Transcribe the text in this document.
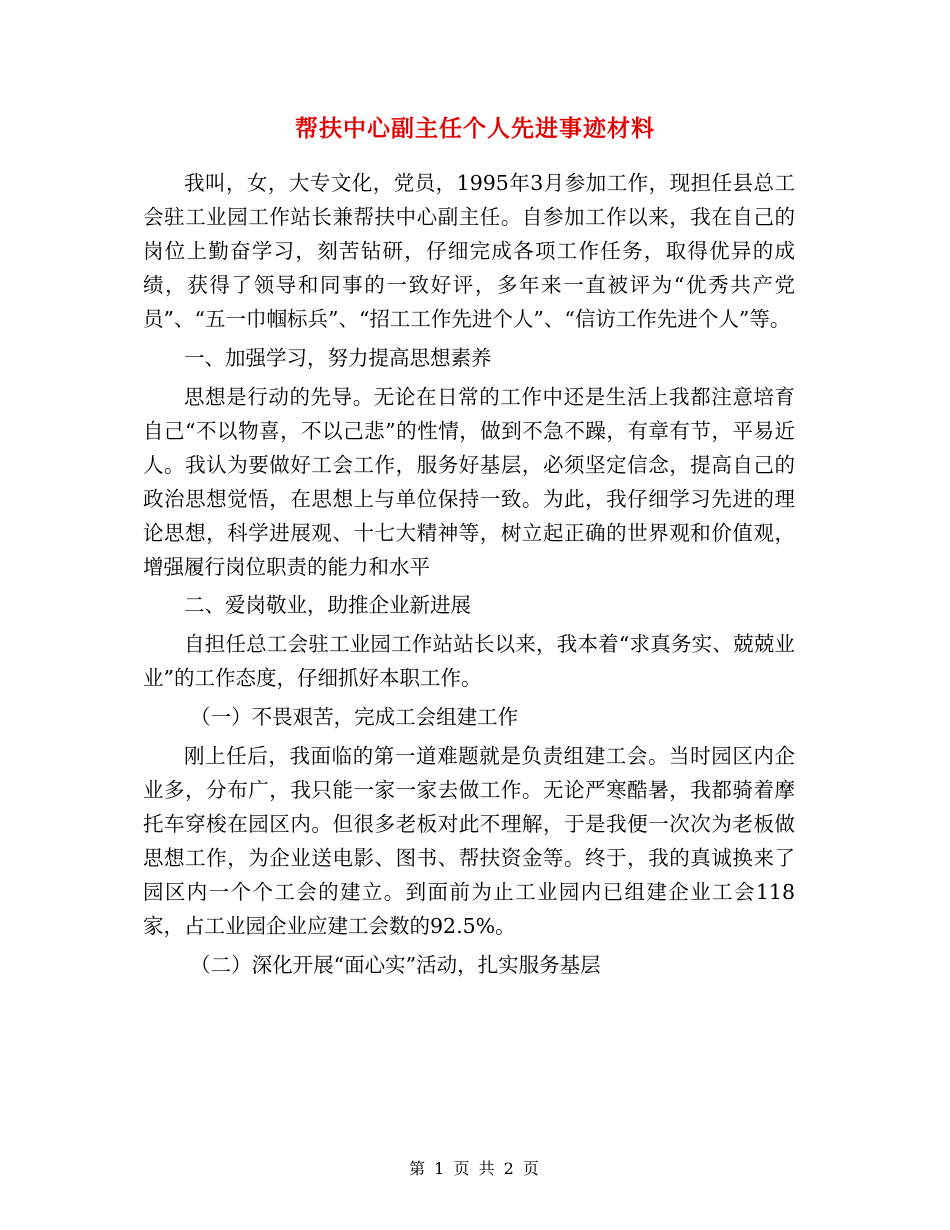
帮扶中心副主任个人先进事迹材料

我叫，女，大专文化，党员，1995年3月参加工作，现担任县总工会驻工业园工作站长兼帮扶中心副主任。自参加工作以来，我在自己的岗位上勤奋学习，刻苦钻研，仔细完成各项工作任务，取得优异的成绩，获得了领导和同事的一致好评，多年来一直被评为“优秀共产党员”、“五一巾帼标兵”、“招工工作先进个人”、“信访工作先进个人”等。

一、加强学习，努力提高思想素养

思想是行动的先导。无论在日常的工作中还是生活上我都注意培育自己“不以物喜，不以己悲”的性情，做到不急不躁，有章有节，平易近人。我认为要做好工会工作，服务好基层，必须坚定信念，提高自己的政治思想觉悟，在思想上与单位保持一致。为此，我仔细学习先进的理论思想，科学进展观、十七大精神等，树立起正确的世界观和价值观，增强履行岗位职责的能力和水平

二、爱岗敬业，助推企业新进展

自担任总工会驻工业园工作站站长以来，我本着“求真务实、兢兢业业”的工作态度，仔细抓好本职工作。

（一）不畏艰苦，完成工会组建工作

刚上任后，我面临的第一道难题就是负责组建工会。当时园区内企业多，分布广，我只能一家一家去做工作。无论严寒酷暑，我都骑着摩托车穿梭在园区内。但很多老板对此不理解，于是我便一次次为老板做思想工作，为企业送电影、图书、帮扶资金等。终于，我的真诚换来了园区内一个个工会的建立。到面前为止工业园内已组建企业工会118家，占工业园企业应建工会数的92.5%。

（二）深化开展“面心实”活动，扎实服务基层

第 1 页 共 2 页
